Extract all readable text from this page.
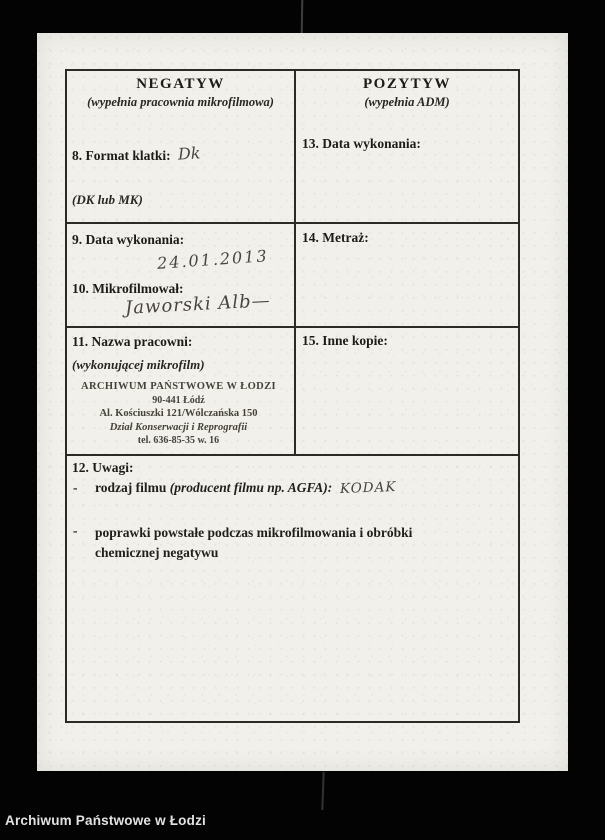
NEGATYW
(wypełnia pracownia mikrofilmowa)
8. Format klatki: Dk
(DK lub MK)
POZYTYW
(wypełnia ADM)
13. Data wykonania:
9. Data wykonania:
24.01.2013
10. Mikrofilmował:
Jaworski Alb—
14. Metraż:
11. Nazwa pracowni:
(wykonującej mikrofilm)
ARCHIWUM PAŃSTWOWE W ŁODZI
90-441 Łódź
Al. Kościuszki 121/Wólczańska 150
Dział Konserwacji i Reprografii
tel. 636-85-35 w. 16
15. Inne kopie:
12. Uwagi:
-	rodzaj filmu (producent filmu np. AGFA): KODAK
-	poprawki powstałe podczas mikrofilmowania i obróbki chemicznej negatywu
Archiwum Państwowe w Łodzi
